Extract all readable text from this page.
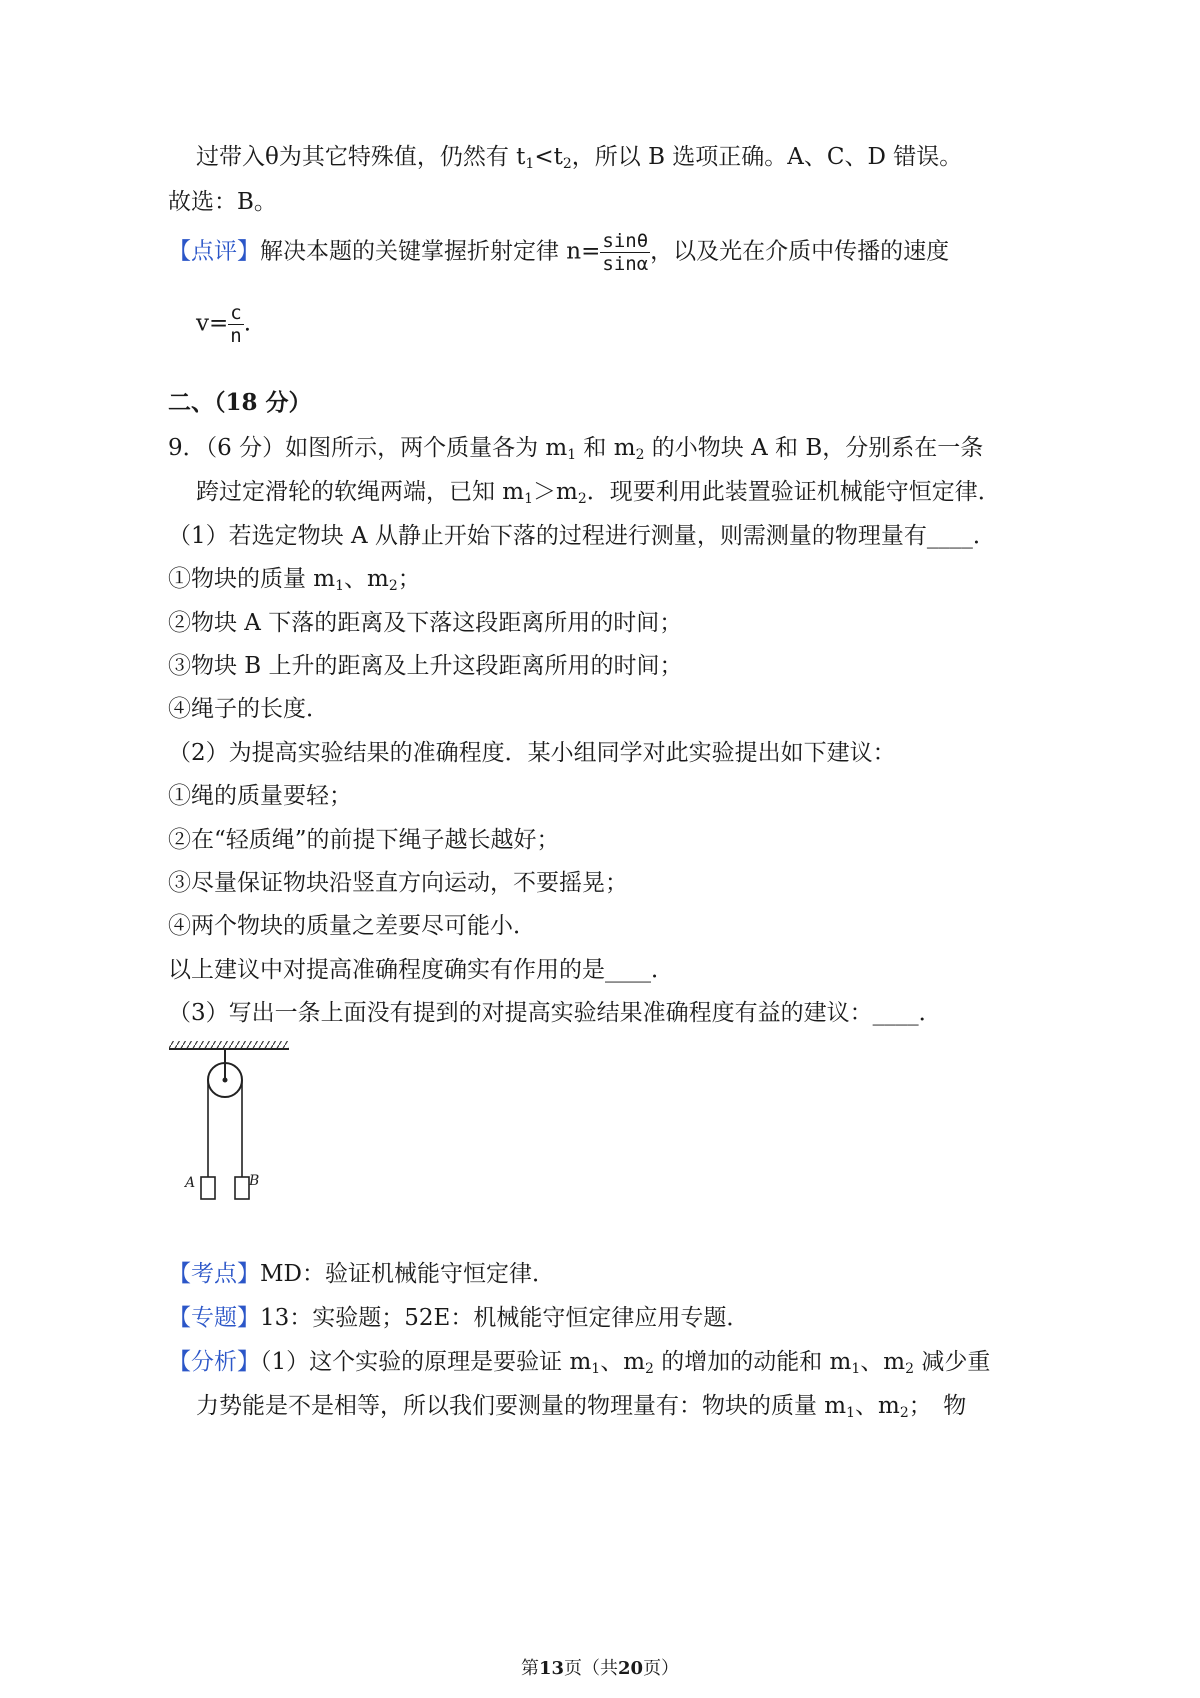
过带入θ为其它特殊值，仍然有 $t_1<t_2$，所以 B 选项正确。A、C、D 错误。
故选：B。
【点评】解决本题的关键掌握折射定律 $n= \frac{\sin\theta}{\sin\alpha}$ ，以及光在介质中传播的速度
$v= \frac{c}{n}$ .
二、（18 分）
9．（6 分）如图所示，两个质量各为 $m_1$ 和 $m_2$ 的小物块 A 和 B，分别系在一条
跨过定滑轮的软绳两端，已知 $m_1>m_2$．现要利用此装置验证机械能守恒定律．
（1）若选定物块 A 从静止开始下落的过程进行测量，则需测量的物理量有____．
①物块的质量 $m_1$、$m_2$；
②物块 A 下落的距离及下落这段距离所用的时间；
③物块 B 上升的距离及上升这段距离所用的时间；
④绳子的长度．
（2）为提高实验结果的准确程度．某小组同学对此实验提出如下建议：
①绳的质量要轻；
②在“轻质绳”的前提下绳子越长越好；
③尽量保证物块沿竖直方向运动，不要摇晃；
④两个物块的质量之差要尽可能小．
以上建议中对提高准确程度确实有作用的是____．
（3）写出一条上面没有提到的对提高实验结果准确程度有益的建议：____．
A	B
【考点】MD：验证机械能守恒定律．
【专题】13：实验题；52E：机械能守恒定律应用专题．
【分析】（1）这个实验的原理是要验证 $m_1$、$m_2$ 的增加的动能和 $m_1$、$m_2$ 减少重
力势能是不是相等，所以我们要测量的物理量有：物块的质量 $m_1$、$m_2$；　物
第13页（共20页）
